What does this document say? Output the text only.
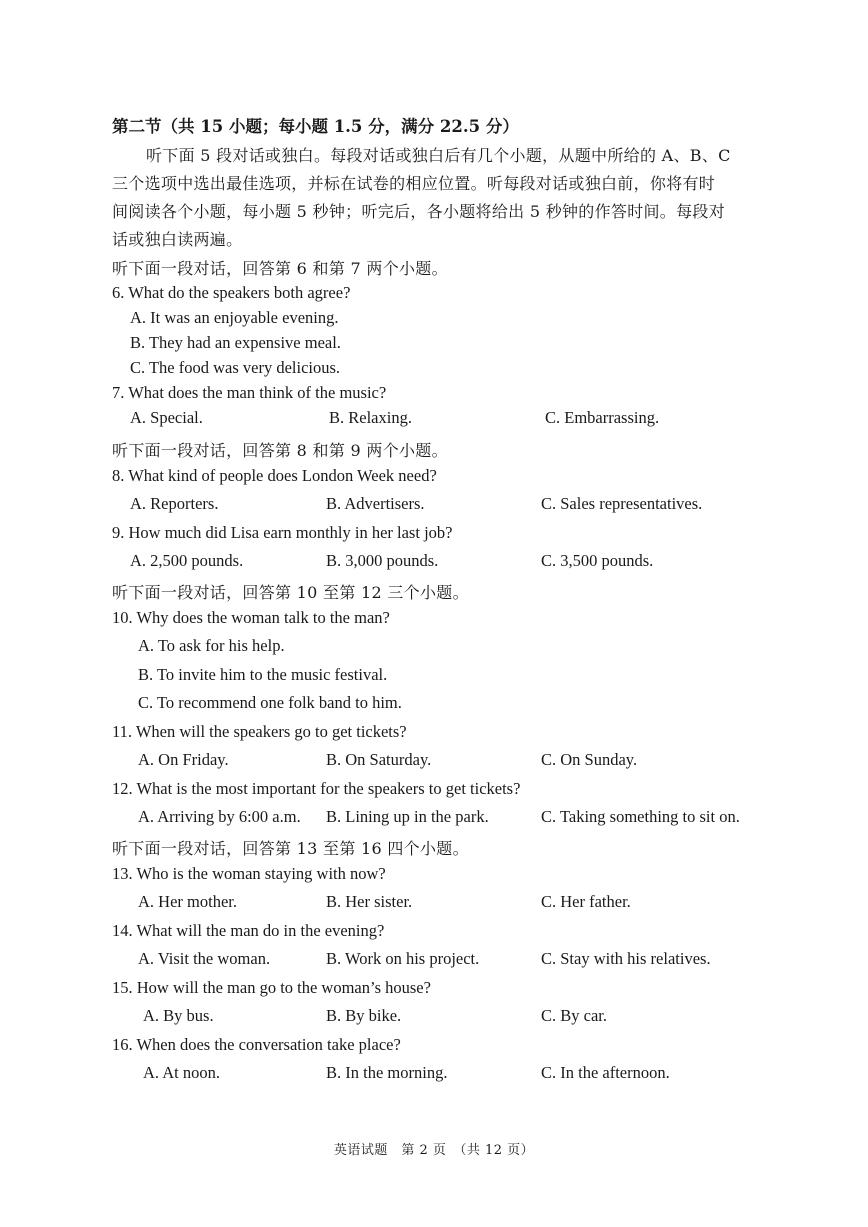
第二节（共 15 小题；每小题 1.5 分，满分 22.5 分）
听下面 5 段对话或独白。每段对话或独白后有几个小题，从题中所给的 A、B、C
三个选项中选出最佳选项，并标在试卷的相应位置。听每段对话或独白前，你将有时
间阅读各个小题，每小题 5 秒钟；听完后，各小题将给出 5 秒钟的作答时间。每段对
话或独白读两遍。
听下面一段对话，回答第 6 和第 7 两个小题。
6. What do the speakers both agree?
A. It was an enjoyable evening.
B. They had an expensive meal.
C. The food was very delicious.
7. What does the man think of the music?
A. Special.	B. Relaxing.	C. Embarrassing.
听下面一段对话，回答第 8 和第 9 两个小题。
8. What kind of people does London Week need?
A. Reporters.	B. Advertisers.	C. Sales representatives.
9. How much did Lisa earn monthly in her last job?
A. 2,500 pounds.	B. 3,000 pounds.	C. 3,500 pounds.
听下面一段对话，回答第 10 至第 12 三个小题。
10. Why does the woman talk to the man?
A. To ask for his help.
B. To invite him to the music festival.
C. To recommend one folk band to him.
11. When will the speakers go to get tickets?
A. On Friday.	B. On Saturday.	C. On Sunday.
12. What is the most important for the speakers to get tickets?
A. Arriving by 6:00 a.m. B. Lining up in the park.	C. Taking something to sit on.
听下面一段对话，回答第 13 至第 16 四个小题。
13. Who is the woman staying with now?
A. Her mother.	B. Her sister.	C. Her father.
14. What will the man do in the evening?
A. Visit the woman.	B. Work on his project.	C. Stay with his relatives.
15. How will the man go to the woman’s house?
A. By bus.	B. By bike.	C. By car.
16. When does the conversation take place?
A. At noon.	B. In the morning.	C. In the afternoon.
英语试题　第 2 页　（共 12 页）
